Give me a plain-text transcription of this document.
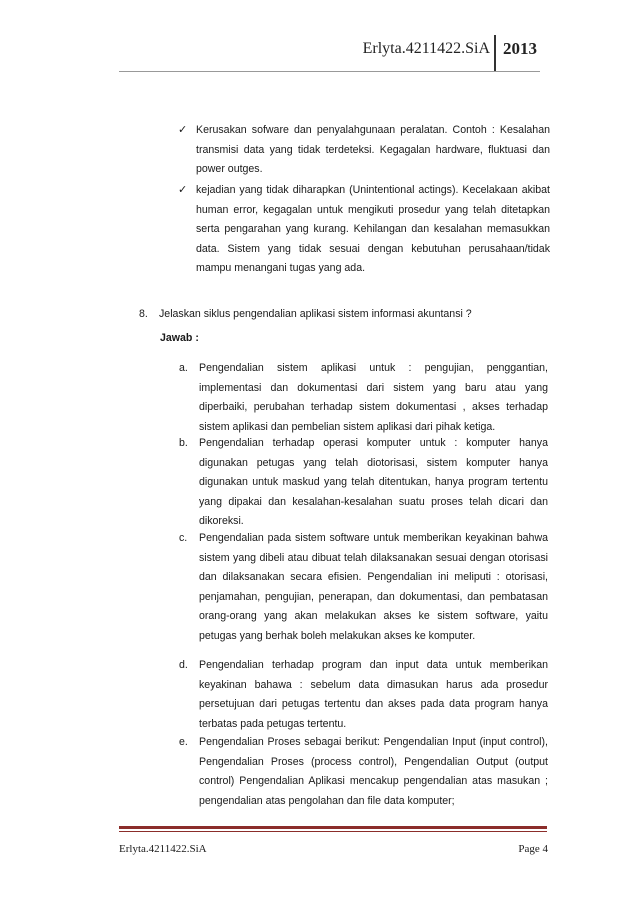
Erlyta.4211422.SiA 2013
✓ Kerusakan sofware dan penyalahgunaan peralatan. Contoh : Kesalahan transmisi data yang tidak terdeteksi. Kegagalan hardware, fluktuasi dan power outges.
✓ kejadian yang tidak diharapkan (Unintentional actings). Kecelakaan akibat human error, kegagalan untuk mengikuti prosedur yang telah ditetapkan serta pengarahan yang kurang. Kehilangan dan kesalahan memasukkan data. Sistem yang tidak sesuai dengan kebutuhan perusahaan/tidak mampu menangani tugas yang ada.
8. Jelaskan siklus pengendalian aplikasi sistem informasi akuntansi ?
Jawab :
a. Pengendalian sistem aplikasi untuk : pengujian, penggantian, implementasi dan dokumentasi dari sistem yang baru atau yang diperbaiki, perubahan terhadap sistem dokumentasi , akses terhadap sistem aplikasi dan pembelian sistem aplikasi dari pihak ketiga.
b. Pengendalian terhadap operasi komputer untuk : komputer hanya digunakan petugas yang telah diotorisasi, sistem komputer hanya digunakan untuk maskud yang telah ditentukan, hanya program tertentu yang dipakai dan kesalahan-kesalahan suatu proses telah dicari dan dikoreksi.
c. Pengendalian pada sistem software untuk memberikan keyakinan bahwa sistem yang dibeli atau dibuat telah dilaksanakan sesuai dengan otorisasi dan dilaksanakan secara efisien. Pengendalian ini meliputi : otorisasi, penjamahan, pengujian, penerapan, dan dokumentasi, dan pembatasan orang-orang yang akan melakukan akses ke sistem software, yaitu petugas yang berhak boleh melakukan akses ke komputer.
d. Pengendalian terhadap program dan input data untuk memberikan keyakinan bahawa : sebelum data dimasukan harus ada prosedur persetujuan dari petugas tertentu dan akses pada data program hanya terbatas pada petugas tertentu.
e. Pengendalian Proses sebagai berikut: Pengendalian Input (input control), Pengendalian Proses (process control), Pengendalian Output (output control) Pengendalian Aplikasi mencakup pengendalian atas masukan ; pengendalian atas pengolahan dan file data komputer;
Erlyta.4211422.SiA	Page 4
